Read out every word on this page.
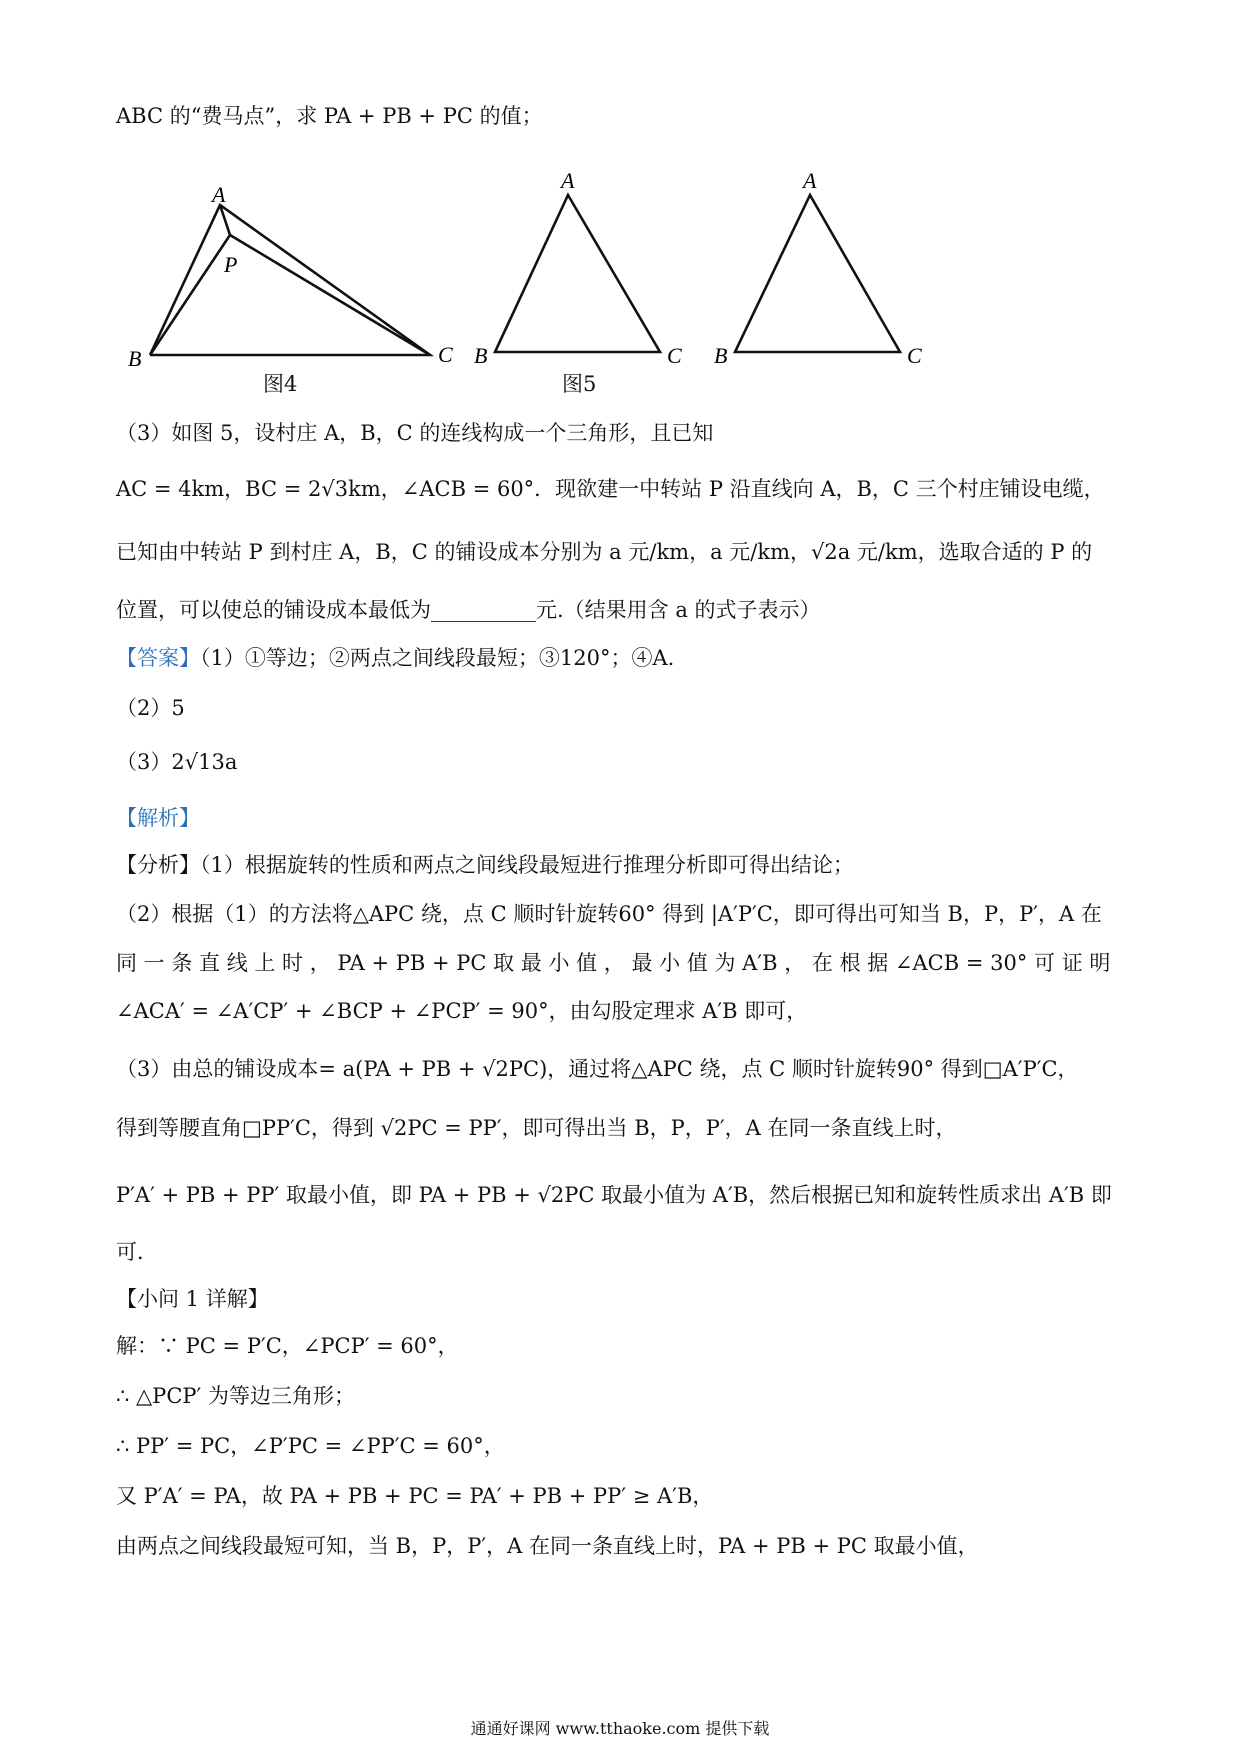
ABC 的“费马点”，求 PA + PB + PC 的值；
A
P
B	C
A
B	C
A
B	C
图4	图5
（3）如图 5，设村庄 A，B，C 的连线构成一个三角形，且已知
AC = 4km，BC = 2√3km，∠ACB = 60°．现欲建一中转站 P 沿直线向 A，B，C 三个村庄铺设电缆，
已知由中转站 P 到村庄 A，B，C 的铺设成本分别为 a 元/km，a 元/km，√2a 元/km，选取合适的 P 的
位置，可以使总的铺设成本最低为__________元.（结果用含 a 的式子表示）
【答案】（1）①等边；②两点之间线段最短；③120°；④A.
（2）5
（3）2√13a
【解析】
【分析】（1）根据旋转的性质和两点之间线段最短进行推理分析即可得出结论；
（2）根据（1）的方法将△APC 绕，点 C 顺时针旋转60° 得到 |A′P′C，即可得出可知当 B，P，P′，A 在
同 一 条 直 线 上 时 ， PA + PB + PC 取 最 小 值 ， 最 小 值 为 A′B ， 在 根 据 ∠ACB = 30° 可 证 明
∠ACA′ = ∠A′CP′ + ∠BCP + ∠PCP′ = 90°，由勾股定理求 A′B 即可，
（3）由总的铺设成本= a(PA + PB + √2PC)，通过将△APC 绕，点 C 顺时针旋转90° 得到□A′P′C，
得到等腰直角□PP′C，得到 √2PC = PP′，即可得出当 B，P，P′，A 在同一条直线上时，
P′A′ + PB + PP′ 取最小值，即 PA + PB + √2PC 取最小值为 A′B，然后根据已知和旋转性质求出 A′B 即
可．
【小问 1 详解】
解：∵ PC = P′C，∠PCP′ = 60°，
∴ △PCP′ 为等边三角形；
∴ PP′ = PC，∠P′PC = ∠PP′C = 60°，
又 P′A′ = PA，故 PA + PB + PC = PA′ + PB + PP′ ≥ A′B，
由两点之间线段最短可知，当 B，P，P′，A 在同一条直线上时，PA + PB + PC 取最小值，
通通好课网 www.tthaoke.com 提供下载
